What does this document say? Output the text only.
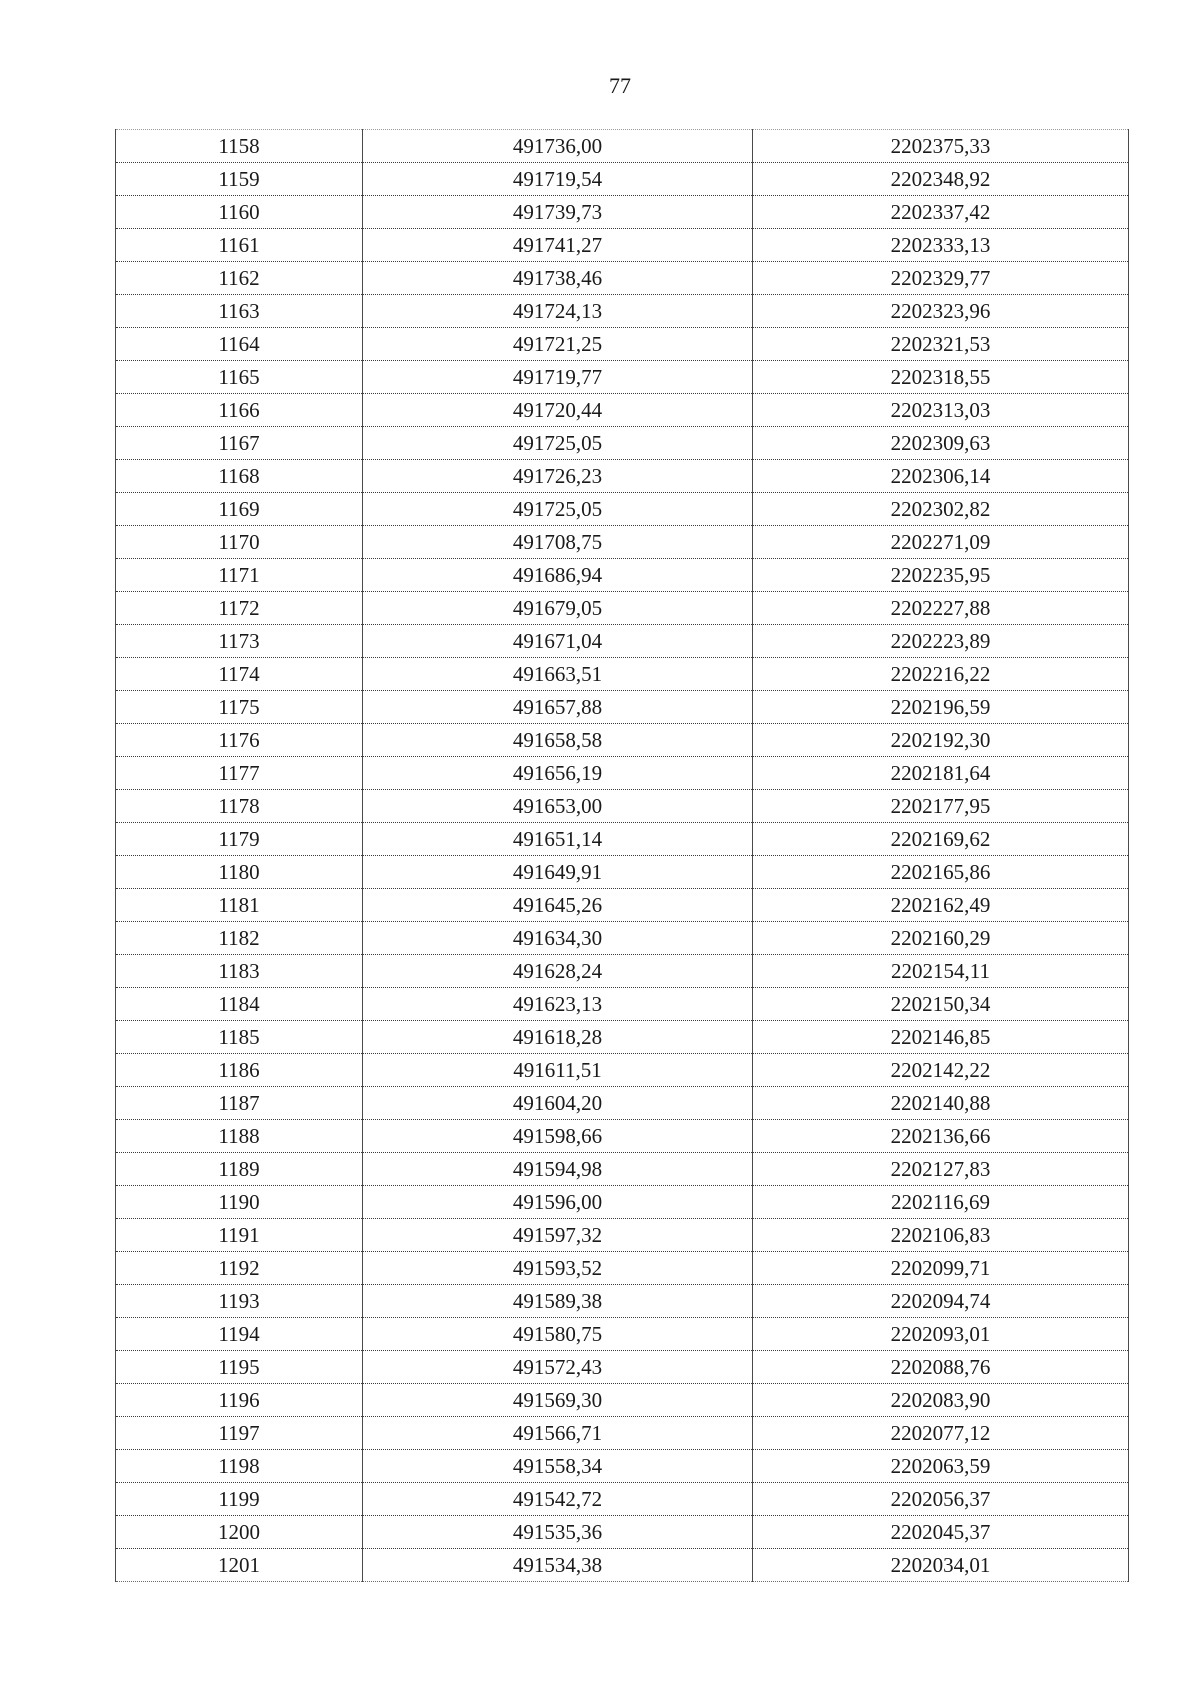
77
1158	491736,00	2202375,33
1159	491719,54	2202348,92
1160	491739,73	2202337,42
1161	491741,27	2202333,13
1162	491738,46	2202329,77
1163	491724,13	2202323,96
1164	491721,25	2202321,53
1165	491719,77	2202318,55
1166	491720,44	2202313,03
1167	491725,05	2202309,63
1168	491726,23	2202306,14
1169	491725,05	2202302,82
1170	491708,75	2202271,09
1171	491686,94	2202235,95
1172	491679,05	2202227,88
1173	491671,04	2202223,89
1174	491663,51	2202216,22
1175	491657,88	2202196,59
1176	491658,58	2202192,30
1177	491656,19	2202181,64
1178	491653,00	2202177,95
1179	491651,14	2202169,62
1180	491649,91	2202165,86
1181	491645,26	2202162,49
1182	491634,30	2202160,29
1183	491628,24	2202154,11
1184	491623,13	2202150,34
1185	491618,28	2202146,85
1186	491611,51	2202142,22
1187	491604,20	2202140,88
1188	491598,66	2202136,66
1189	491594,98	2202127,83
1190	491596,00	2202116,69
1191	491597,32	2202106,83
1192	491593,52	2202099,71
1193	491589,38	2202094,74
1194	491580,75	2202093,01
1195	491572,43	2202088,76
1196	491569,30	2202083,90
1197	491566,71	2202077,12
1198	491558,34	2202063,59
1199	491542,72	2202056,37
1200	491535,36	2202045,37
1201	491534,38	2202034,01
